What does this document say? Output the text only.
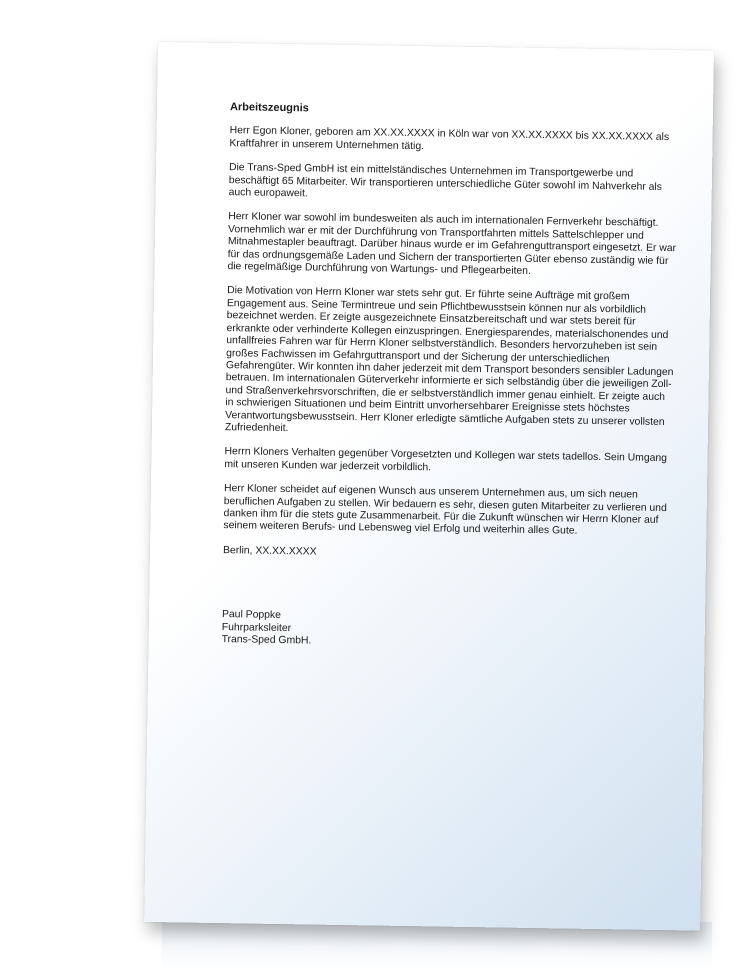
Arbeitszeugnis

Herr Egon Kloner, geboren am XX.XX.XXXX in Köln war von XX.XX.XXXX bis XX.XX.XXXX als Kraftfahrer in unserem Unternehmen tätig.

Die Trans-Sped GmbH ist ein mittelständisches Unternehmen im Transportgewerbe und beschäftigt 65 Mitarbeiter. Wir transportieren unterschiedliche Güter sowohl im Nahverkehr als auch europaweit.

Herr Kloner war sowohl im bundesweiten als auch im internationalen Fernverkehr beschäftigt. Vornehmlich war er mit der Durchführung von Transportfahrten mittels Sattelschlepper und Mitnahmestapler beauftragt. Darüber hinaus wurde er im Gefahrenguttransport eingesetzt. Er war für das ordnungsgemäße Laden und Sichern der transportierten Güter ebenso zuständig wie für die regelmäßige Durchführung von Wartungs- und Pflegearbeiten.

Die Motivation von Herrn Kloner war stets sehr gut. Er führte seine Aufträge mit großem Engagement aus. Seine Termintreue und sein Pflichtbewusstsein können nur als vorbildlich bezeichnet werden. Er zeigte ausgezeichnete Einsatzbereitschaft und war stets bereit für erkrankte oder verhinderte Kollegen einzuspringen. Energiesparendes, materialschonendes und unfallfreies Fahren war für Herrn Kloner selbstverständlich. Besonders hervorzuheben ist sein großes Fachwissen im Gefahrguttransport und der Sicherung der unterschiedlichen Gefahrengüter. Wir konnten ihn daher jederzeit mit dem Transport besonders sensibler Ladungen betrauen. Im internationalen Güterverkehr informierte er sich selbständig über die jeweiligen Zoll- und Straßenverkehrsvorschriften, die er selbstverständlich immer genau einhielt. Er zeigte auch in schwierigen Situationen und beim Eintritt unvorhersehbarer Ereignisse stets höchstes Verantwortungsbewusstsein. Herr Kloner erledigte sämtliche Aufgaben stets zu unserer vollsten Zufriedenheit.

Herrn Kloners Verhalten gegenüber Vorgesetzten und Kollegen war stets tadellos. Sein Umgang mit unseren Kunden war jederzeit vorbildlich.

Herr Kloner scheidet auf eigenen Wunsch aus unserem Unternehmen aus, um sich neuen beruflichen Aufgaben zu stellen. Wir bedauern es sehr, diesen guten Mitarbeiter zu verlieren und danken ihm für die stets gute Zusammenarbeit. Für die Zukunft wünschen wir Herrn Kloner auf seinem weiteren Berufs- und Lebensweg viel Erfolg und weiterhin alles Gute.

Berlin, XX.XX.XXXX

Paul Poppke

Fuhrparksleiter

Trans-Sped GmbH.
